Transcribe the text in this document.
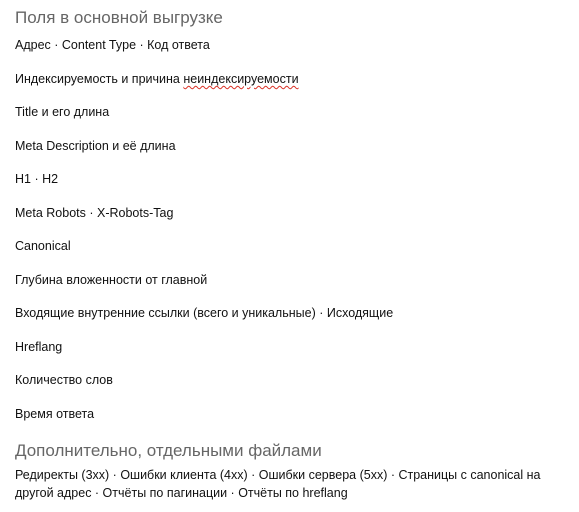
Поля в основной выгрузке
Адрес · Content Type · Код ответа
Индексируемость и причина неиндексируемости
Title и его длина
Meta Description и её длина
H1 · H2
Meta Robots · X-Robots-Tag
Canonical
Глубина вложенности от главной
Входящие внутренние ссылки (всего и уникальные) · Исходящие
Hreflang
Количество слов
Время ответа
Дополнительно, отдельными файлами
Редиректы (3xx) · Ошибки клиента (4xx) · Ошибки сервера (5xx) · Страницы с canonical на другой адрес · Отчёты по пагинации · Отчёты по hreflang
